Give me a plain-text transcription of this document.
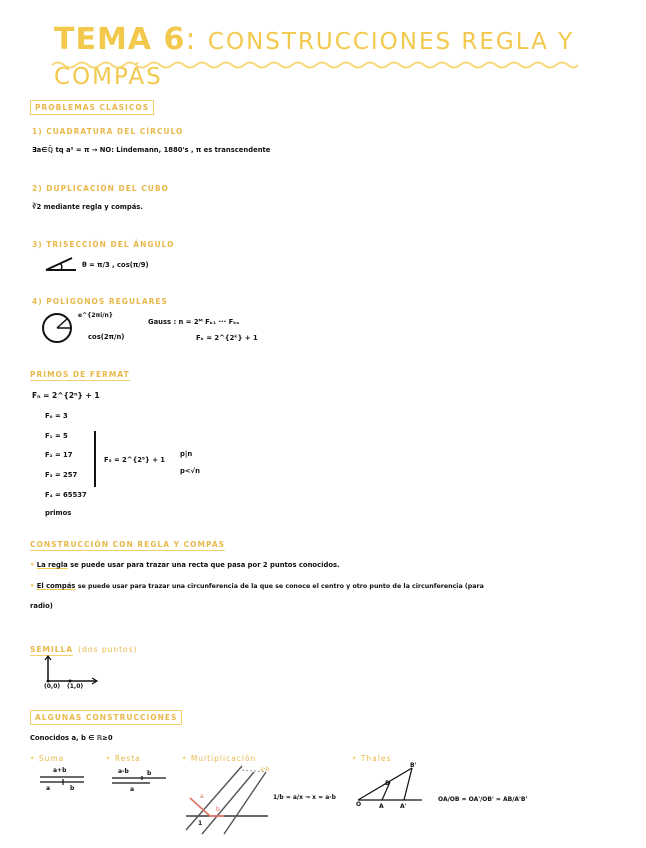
TEMA 6: CONSTRUCCIONES REGLA Y COMPÁS
PROBLEMAS CLÁSICOS
1) CUADRATURA DEL CÍRCULO
∃a∈ℚ̄ tq a² = π → NO: Lindemann, 1880's , π es transcendente
2) DUPLICACIÓN DEL CUBO
∛2 mediante regla y compás.
3) TRISECCIÓN DEL ÁNGULO
θ = π/3 , cos(π/9)
4) POLÍGONOS REGULARES
e^{2πi/n}
cos(2π/n)
Gauss : n = 2ᴹ Fₖ₁ ··· Fₖₛ
Fₖ = 2^{2ᵏ} + 1
PRIMOS DE FERMAT
Fₙ = 2^{2ⁿ} + 1
F₀ = 3
F₁ = 5
F₂ = 17
F₃ = 257
F₄ = 65537
primos
F₅ = 2^{2⁵} + 1
p|n
p<√n
CONSTRUCCIÓN CON REGLA Y COMPÁS
• La regla se puede usar para trazar una recta que pasa por 2 puntos conocidos.
• El compás se puede usar para trazar una circunferencia de la que se conoce el centro y otro punto de la circunferencia (para
radio)
SEMILLA (dos puntos)
(0,0) (1,0)
ALGUNAS CONSTRUCCIONES
Conocidos a, b ∈ ℝ≥0
• Suma
a+b
a	b
• Resta
a-b	b
a
• Multiplicación
a·b
a
b
1
1/b = a/x ⇒ x = a·b
• Thales
B'
B
O	A	A'
OA/OB = OA'/OB' = AB/A'B'
